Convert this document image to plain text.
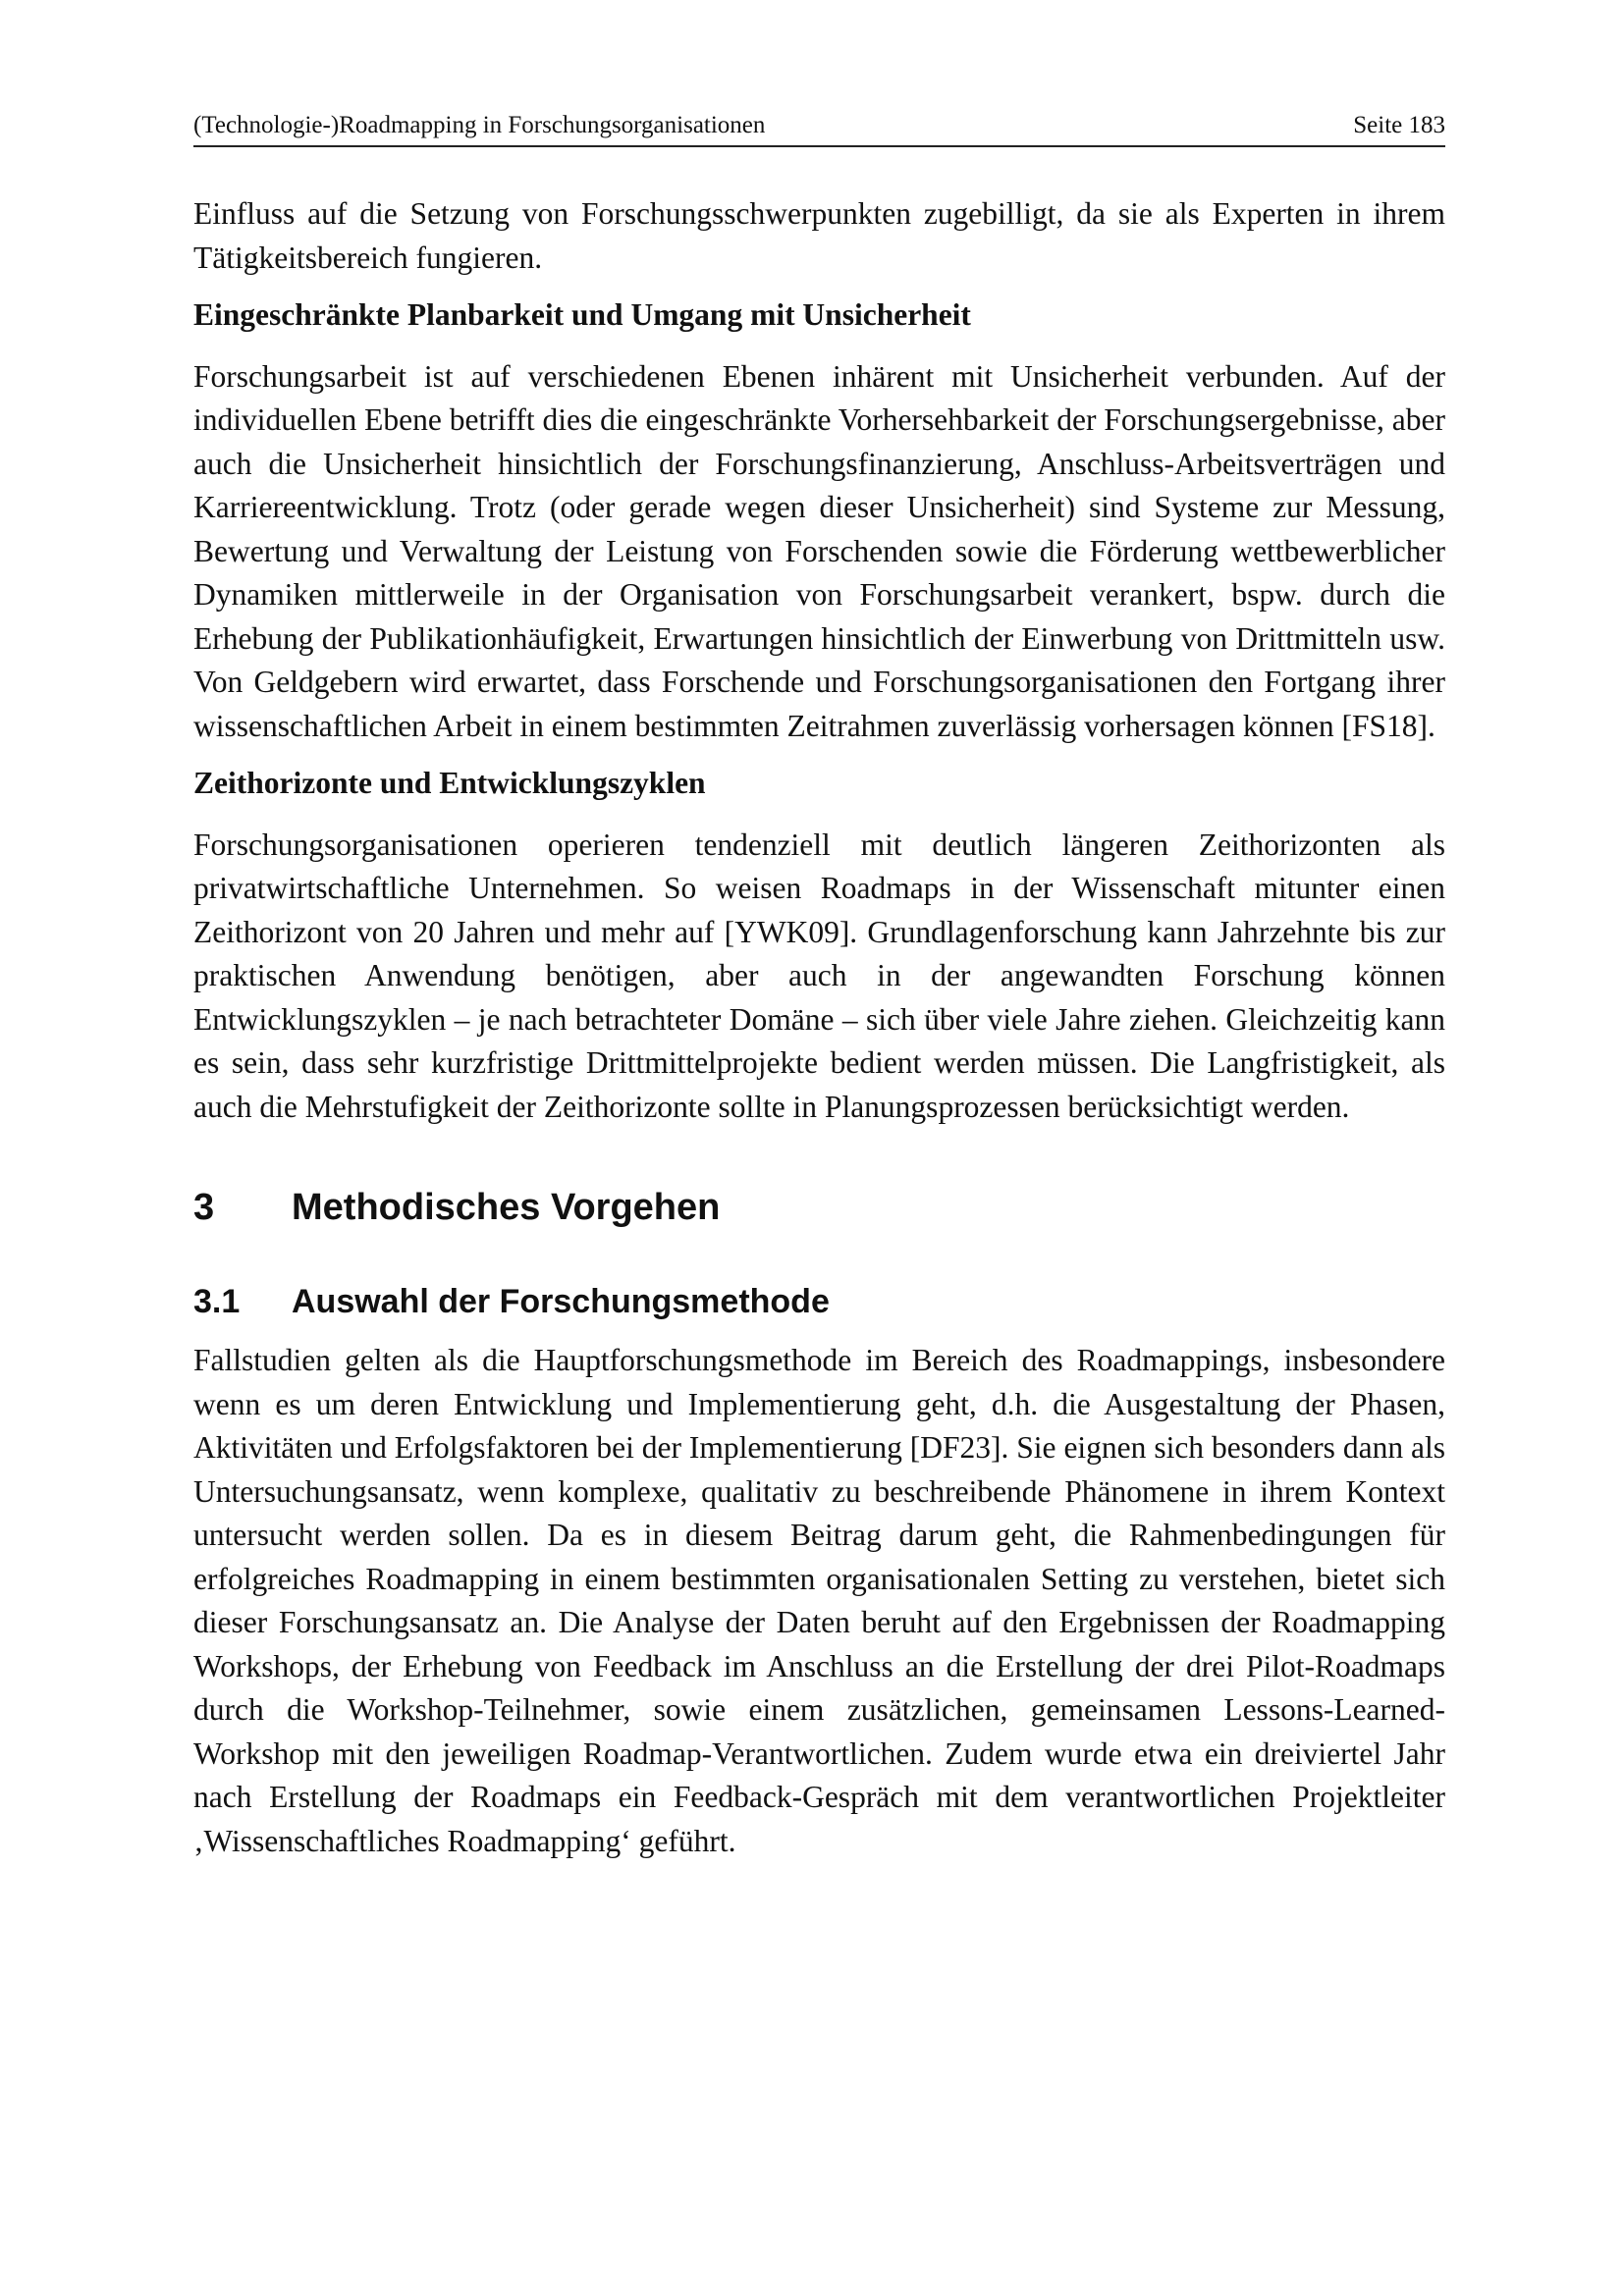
(Technologie-)Roadmapping in Forschungsorganisationen	Seite 183

Einfluss auf die Setzung von Forschungsschwerpunkten zugebilligt, da sie als Experten in ihrem Tätigkeitsbereich fungieren.

Eingeschränkte Planbarkeit und Umgang mit Unsicherheit

Forschungsarbeit ist auf verschiedenen Ebenen inhärent mit Unsicherheit verbunden. Auf der individuellen Ebene betrifft dies die eingeschränkte Vorhersehbarkeit der Forschungsergebnisse, aber auch die Unsicherheit hinsichtlich der Forschungsfinanzierung, Anschluss-Arbeitsverträgen und Karriereentwicklung. Trotz (oder gerade wegen dieser Unsicherheit) sind Systeme zur Messung, Bewertung und Verwaltung der Leistung von Forschenden sowie die Förderung wettbewerblicher Dynamiken mittlerweile in der Organisation von Forschungsarbeit verankert, bspw. durch die Erhebung der Publikationhäufigkeit, Erwartungen hinsichtlich der Einwerbung von Drittmitteln usw. Von Geldgebern wird erwartet, dass Forschende und Forschungsorganisationen den Fortgang ihrer wissenschaftlichen Arbeit in einem bestimmten Zeitrahmen zuverlässig vorhersagen können [FS18].

Zeithorizonte und Entwicklungszyklen

Forschungsorganisationen operieren tendenziell mit deutlich längeren Zeithorizonten als privatwirtschaftliche Unternehmen. So weisen Roadmaps in der Wissenschaft mitunter einen Zeithorizont von 20 Jahren und mehr auf [YWK09]. Grundlagenforschung kann Jahrzehnte bis zur praktischen Anwendung benötigen, aber auch in der angewandten Forschung können Entwicklungszyklen – je nach betrachteter Domäne – sich über viele Jahre ziehen. Gleichzeitig kann es sein, dass sehr kurzfristige Drittmittelprojekte bedient werden müssen. Die Langfristigkeit, als auch die Mehrstufigkeit der Zeithorizonte sollte in Planungsprozessen berücksichtigt werden.

3	Methodisches Vorgehen
3.1	Auswahl der Forschungsmethode

Fallstudien gelten als die Hauptforschungsmethode im Bereich des Roadmappings, insbesondere wenn es um deren Entwicklung und Implementierung geht, d.h. die Ausgestaltung der Phasen, Aktivitäten und Erfolgsfaktoren bei der Implementierung [DF23]. Sie eignen sich besonders dann als Untersuchungsansatz, wenn komplexe, qualitativ zu beschreibende Phänomene in ihrem Kontext untersucht werden sollen. Da es in diesem Beitrag darum geht, die Rahmenbedingungen für erfolgreiches Roadmapping in einem bestimmten organisationalen Setting zu verstehen, bietet sich dieser Forschungsansatz an. Die Analyse der Daten beruht auf den Ergebnissen der Roadmapping Workshops, der Erhebung von Feedback im Anschluss an die Erstellung der drei Pilot-Roadmaps durch die Workshop-Teilnehmer, sowie einem zusätzlichen, gemeinsamen Lessons-Learned-Workshop mit den jeweiligen Roadmap-Verantwortlichen. Zudem wurde etwa ein dreiviertel Jahr nach Erstellung der Roadmaps ein Feedback-Gespräch mit dem verantwortlichen Projektleiter ‚Wissenschaftliches Roadmapping‘ geführt.
